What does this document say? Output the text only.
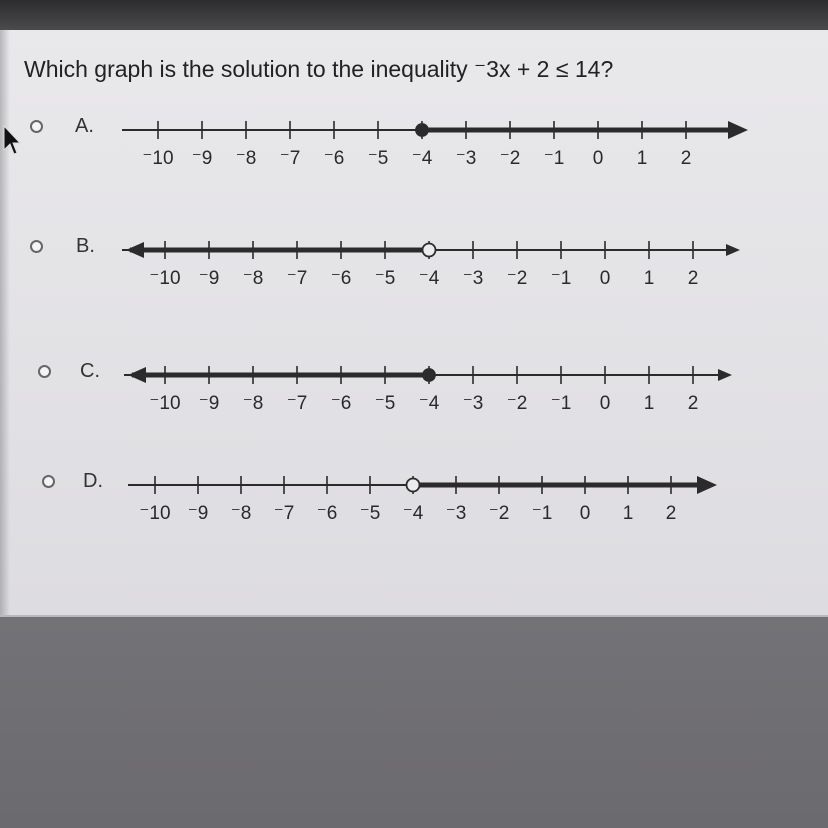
Which graph is the solution to the inequality ⁻3x + 2 ≤ 14?
A.
⁻10 ⁻9 ⁻8 ⁻7 ⁻6 ⁻5 ⁻4 ⁻3 ⁻2 ⁻1 0 1 2
B.
⁻10 ⁻9 ⁻8 ⁻7 ⁻6 ⁻5 ⁻4 ⁻3 ⁻2 ⁻1 0 1 2
C.
⁻10 ⁻9 ⁻8 ⁻7 ⁻6 ⁻5 ⁻4 ⁻3 ⁻2 ⁻1 0 1 2
D.
⁻10 ⁻9 ⁻8 ⁻7 ⁻6 ⁻5 ⁻4 ⁻3 ⁻2 ⁻1 0 1 2
